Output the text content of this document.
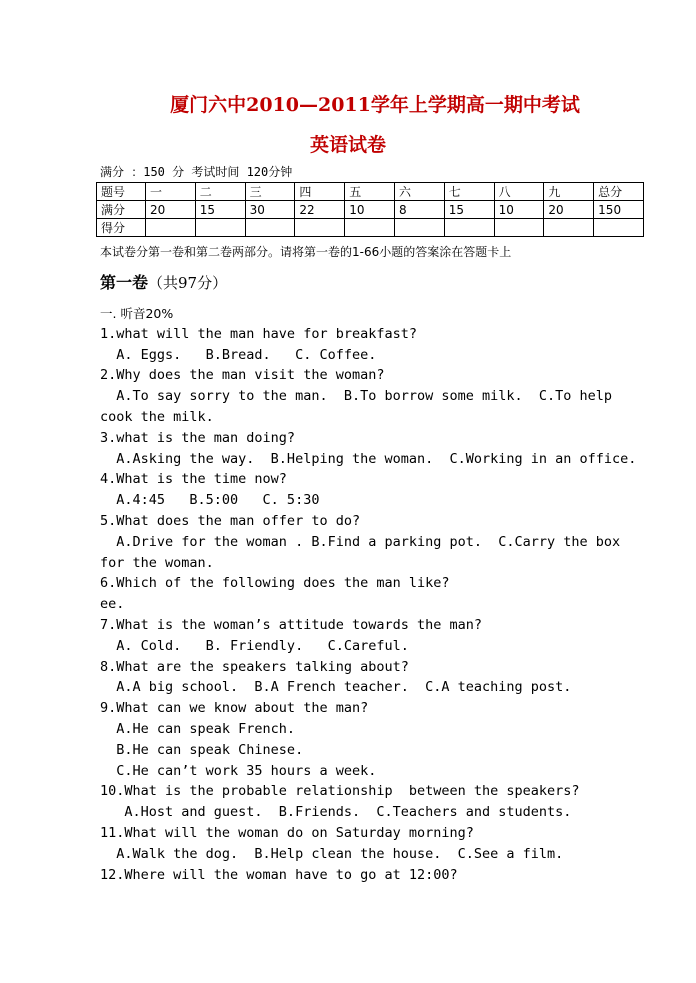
厦门六中2010—2011学年上学期高一期中考试
英语试卷
满分 ：150 分 考试时间 120分钟
题号	一	二	三	四	五	六	七	八	九	总分
满分	20	15	30	22	10	8	15	10	20	150
得分										
本试卷分第一卷和第二卷两部分。请将第一卷的1-66小题的答案涂在答题卡上
第一卷（共97分）
一. 听音20%
1.what will the man have for breakfast?
A. Eggs.   B.Bread.   C. Coffee.
2.Why does the man visit the woman?
A.To say sorry to the man.  B.To borrow some milk.  C.To help
cook the milk.
3.what is the man doing?
A.Asking the way.  B.Helping the woman.  C.Working in an office.
4.What is the time now?
A.4:45   B.5:00   C. 5:30
5.What does the man offer to do?
A.Drive for the woman . B.Find a parking pot.  C.Carry the box
for the woman.
6.Which of the following does the man like?
ee.
7.What is the woman’s attitude towards the man?
A. Cold.   B. Friendly.   C.Careful.
8.What are the speakers talking about?
A.A big school.  B.A French teacher.  C.A teaching post.
9.What can we know about the man?
A.He can speak French.
B.He can speak Chinese.
C.He can’t work 35 hours a week.
10.What is the probable relationship  between the speakers?
A.Host and guest.  B.Friends.  C.Teachers and students.
11.What will the woman do on Saturday morning?
A.Walk the dog.  B.Help clean the house.  C.See a film.
12.Where will the woman have to go at 12:00?
